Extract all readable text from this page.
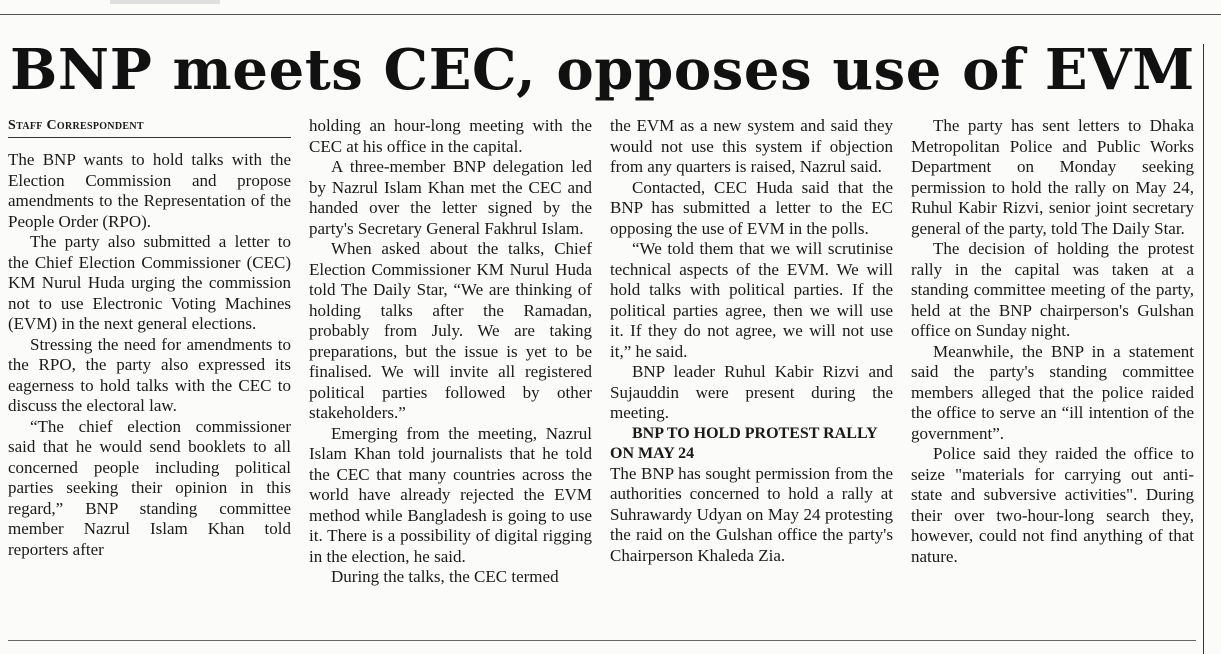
BNP meets CEC, opposes use of EVM
Staff Correspondent

The BNP wants to hold talks with the Election Commission and propose amendments to the Representation of the People Order (RPO).

The party also submitted a letter to the Chief Election Commissioner (CEC) KM Nurul Huda urging the commission not to use Electronic Voting Machines (EVM) in the next general elections.

Stressing the need for amendments to the RPO, the party also expressed its eagerness to hold talks with the CEC to discuss the electoral law.

“The chief election commissioner said that he would send booklets to all concerned people including political parties seeking their opinion in this regard,” BNP standing committee member Nazrul Islam Khan told reporters after

holding an hour-long meeting with the CEC at his office in the capital.

A three-member BNP delegation led by Nazrul Islam Khan met the CEC and handed over the letter signed by the party's Secretary General Fakhrul Islam.

When asked about the talks, Chief Election Commissioner KM Nurul Huda told The Daily Star, “We are thinking of holding talks after the Ramadan, probably from July. We are taking preparations, but the issue is yet to be finalised. We will invite all registered political parties followed by other stakeholders.”

Emerging from the meeting, Nazrul Islam Khan told journalists that he told the CEC that many countries across the world have already rejected the EVM method while Bangladesh is going to use it. There is a possibility of digital rigging in the election, he said.

During the talks, the CEC termed

the EVM as a new system and said they would not use this system if objection from any quarters is raised, Nazrul said.

Contacted, CEC Huda said that the BNP has submitted a letter to the EC opposing the use of EVM in the polls.

“We told them that we will scrutinise technical aspects of the EVM. We will hold talks with political parties. If the political parties agree, then we will use it. If they do not agree, we will not use it,” he said.

BNP leader Ruhul Kabir Rizvi and Sujauddin were present during the meeting.

BNP TO HOLD PROTEST RALLY
ON MAY 24

The BNP has sought permission from the authorities concerned to hold a rally at Suhrawardy Udyan on May 24 protesting the raid on the Gulshan office the party's Chairperson Khaleda Zia.

The party has sent letters to Dhaka Metropolitan Police and Public Works Department on Monday seeking permission to hold the rally on May 24, Ruhul Kabir Rizvi, senior joint secretary general of the party, told The Daily Star.

The decision of holding the protest rally in the capital was taken at a standing committee meeting of the party, held at the BNP chairperson's Gulshan office on Sunday night.

Meanwhile, the BNP in a statement said the party's standing committee members alleged that the police raided the office to serve an “ill intention of the government”.

Police said they raided the office to seize "materials for carrying out anti-state and subversive activities". During their over two-hour-long search they, however, could not find anything of that nature.
